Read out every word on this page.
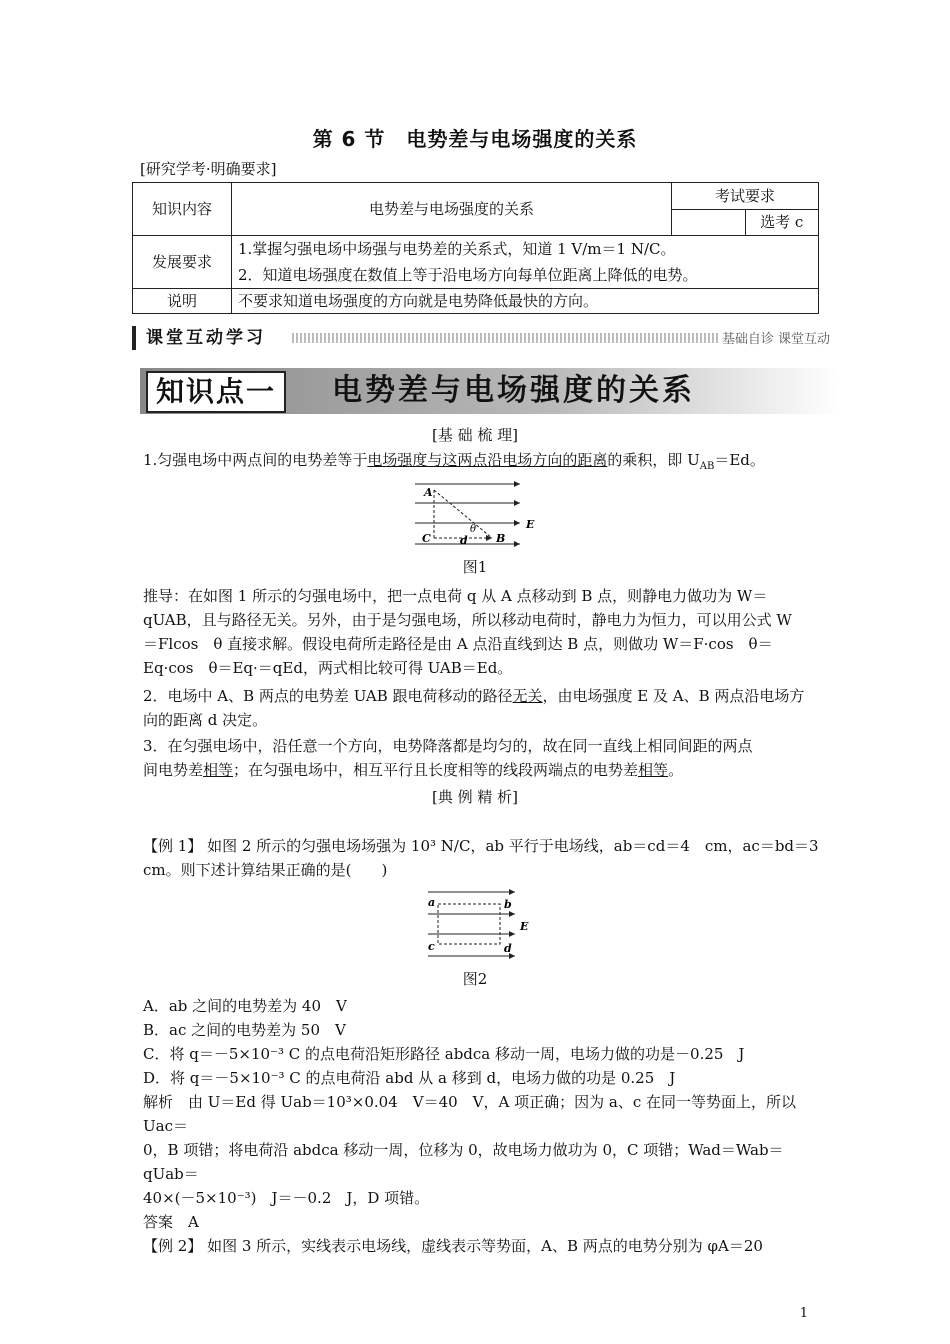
第 6 节　电势差与电场强度的关系
[研究学考·明确要求]
知识内容	电势差与电场强度的关系	考试要求	
			选考 c
发展要求	1.掌握匀强电场中场强与电势差的关系式，知道 1 V/m＝1 N/C。
2．知道电场强度在数值上等于沿电场方向每单位距离上降低的电势。		

说明	不要求知道电场强度的方向就是电势降低最快的方向。		
课堂互动学习	基础自诊 课堂互动
知识点一	电势差与电场强度的关系
[基 础 梳 理]
1.匀强电场中两点间的电势差等于电场强度与这两点沿电场方向的距离的乘积，即 $U_{AB}=Ed$。
A
C	B
d
θ	E
图1
推导：在如图 1 所示的匀强电场中，把一点电荷 q 从 A 点移动到 B 点，则静电力做功为 W＝
qUAB，且与路径无关。另外，由于是匀强电场，所以移动电荷时，静电力为恒力，可以用公式 W
＝Flcos　θ 直接求解。假设电荷所走路径是由 A 点沿直线到达 B 点，则做功 W＝F·cos　θ＝
Eq·cos　θ＝Eq·＝qEd，两式相比较可得 UAB＝Ed。
2．电场中 A、B 两点的电势差 UAB 跟电荷移动的路径无关，由电场强度 E 及 A、B 两点沿电场方
向的距离 d 决定。
3．在匀强电场中，沿任意一个方向，电势降落都是均匀的，故在同一直线上相同间距的两点
间电势差相等；在匀强电场中，相互平行且长度相等的线段两端点的电势差相等。
[典 例 精 析]
【例 1】 如图 2 所示的匀强电场场强为 10³ N/C，ab 平行于电场线，ab＝cd＝4　cm，ac＝bd＝3
cm。则下述计算结果正确的是(　　)
a	b
c	d
E
图2
A．ab 之间的电势差为 40　V
B．ac 之间的电势差为 50　V
C．将 q＝－5×10⁻³ C 的点电荷沿矩形路径 abdca 移动一周，电场力做的功是－0.25　J
D．将 q＝－5×10⁻³ C 的点电荷沿 abd 从 a 移到 d，电场力做的功是 0.25　J
解析　由 U＝Ed 得 Uab＝10³×0.04　V＝40　V，A 项正确；因为 a、c 在同一等势面上，所以 Uac＝
0，B 项错；将电荷沿 abdca 移动一周，位移为 0，故电场力做功为 0，C 项错；Wad＝Wab＝qUab＝
40×(－5×10⁻³)　J＝－0.2　J，D 项错。
答案　A
【例 2】 如图 3 所示，实线表示电场线，虚线表示等势面，A、B 两点的电势分别为 φA＝20
1
